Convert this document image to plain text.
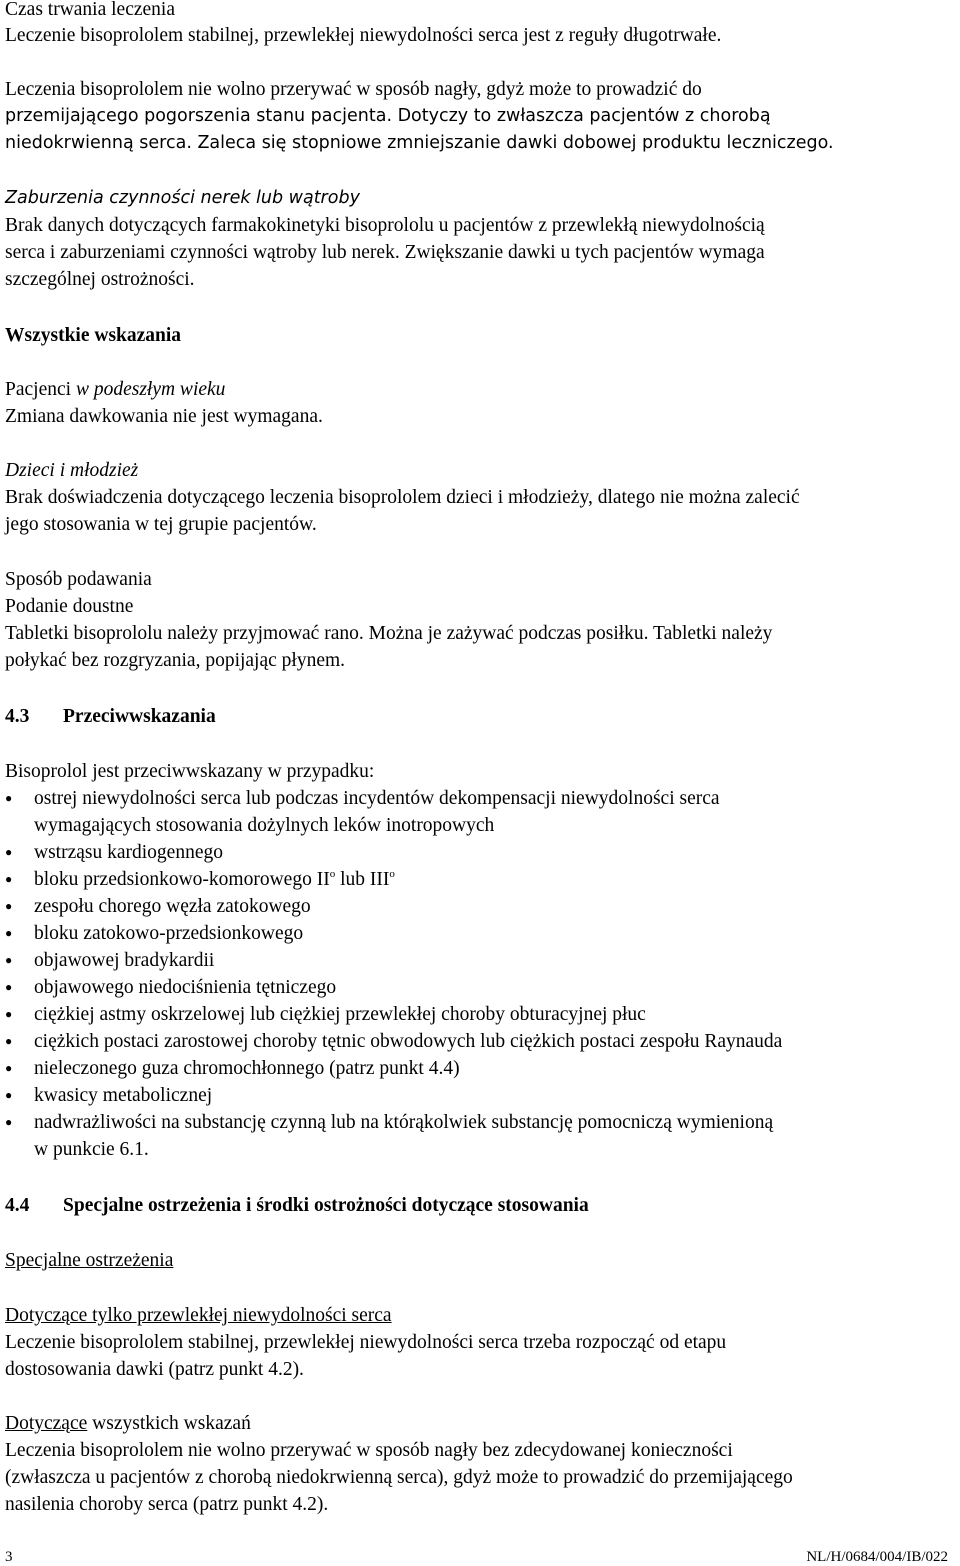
Czas trwania leczenia
Leczenie bisoprololem stabilnej, przewlekłej niewydolności serca jest z reguły długotrwałe.
Leczenia bisoprololem nie wolno przerywać w sposób nagły, gdyż może to prowadzić do
przemijającego pogorszenia stanu pacjenta. Dotyczy to zwłaszcza pacjentów z chorobą
niedokrwienną serca. Zaleca się stopniowe zmniejszanie dawki dobowej produktu leczniczego.
Zaburzenia czynności nerek lub wątroby
Brak danych dotyczących farmakokinetyki bisoprololu u pacjentów z przewlekłą niewydolnością
serca i zaburzeniami czynności wątroby lub nerek. Zwiększanie dawki u tych pacjentów wymaga
szczególnej ostrożności.
Wszystkie wskazania
Pacjenci w podeszłym wieku
Zmiana dawkowania nie jest wymagana.
Dzieci i młodzież
Brak doświadczenia dotyczącego leczenia bisoprololem dzieci i młodzieży, dlatego nie można zalecić
jego stosowania w tej grupie pacjentów.
Sposób podawania
Podanie doustne
Tabletki bisoprololu należy przyjmować rano. Można je zażywać podczas posiłku. Tabletki należy
połykać bez rozgryzania, popijając płynem.
4.3 Przeciwwskazania
Bisoprolol jest przeciwwskazany w przypadku:
● ostrej niewydolności serca lub podczas incydentów dekompensacji niewydolności serca
wymagających stosowania dożylnych leków inotropowych
● wstrząsu kardiogennego
● bloku przedsionkowo-komorowego $II^o$ lub III$^o$
● zespołu chorego węzła zatokowego
● bloku zatokowo-przedsionkowego
● objawowej bradykardii
● objawowego niedociśnienia tętniczego
● ciężkiej astmy oskrzelowej lub ciężkiej przewlekłej choroby obturacyjnej płuc
● ciężkich postaci zarostowej choroby tętnic obwodowych lub ciężkich postaci zespołu Raynauda
● nieleczonego guza chromochłonnego (patrz punkt 4.4)
● kwasicy metabolicznej
● nadwrażliwości na substancję czynną lub na którąkolwiek substancję pomocniczą wymienioną
w punkcie 6.1.
4.4 Specjalne ostrzeżenia i środki ostrożności dotyczące stosowania
Specjalne ostrzeżenia
Dotyczące tylko przewlekłej niewydolności serca
Leczenie bisoprololem stabilnej, przewlekłej niewydolności serca trzeba rozpocząć od etapu
dostosowania dawki (patrz punkt 4.2).
Dotyczące wszystkich wskazań
Leczenia bisoprololem nie wolno przerywać w sposób nagły bez zdecydowanej konieczności
(zwłaszcza u pacjentów z chorobą niedokrwienną serca), gdyż może to prowadzić do przemijającego
nasilenia choroby serca (patrz punkt 4.2).
3	NL/H/0684/004/IB/022
